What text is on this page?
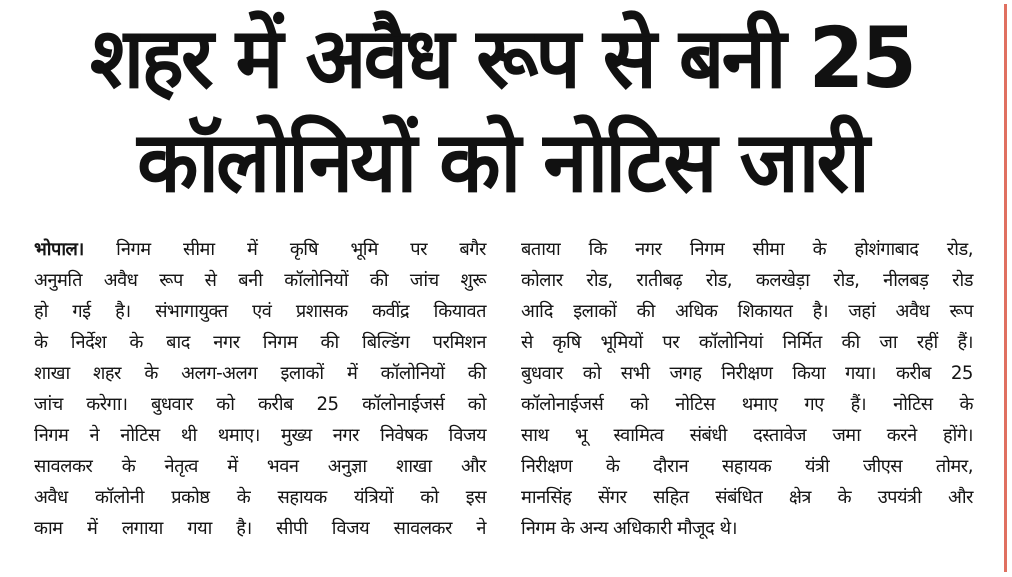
शहर में अवैध रूप से बनी 25
कॉलोनियों को नोटिस जारी
भोपाल। निगम सीमा में कृषि भूमि पर बगैर
अनुमति अवैध रूप से बनी कॉलोनियों की जांच शुरू
हो गई है। संभागायुक्त एवं प्रशासक कवींद्र कियावत
के निर्देश के बाद नगर निगम की बिल्डिंग परमिशन
शाखा शहर के अलग-अलग इलाकों में कॉलोनियों की
जांच करेगा। बुधवार को करीब 25 कॉलोनाईजर्स को
निगम ने नोटिस थी थमाए। मुख्य नगर निवेषक विजय
सावलकर के नेतृत्व में भवन अनुज्ञा शाखा और
अवैध कॉलोनी प्रकोष्ठ के सहायक यंत्रियों को इस
काम में लगाया गया है। सीपी विजय सावलकर ने
बताया कि नगर निगम सीमा के होशंगाबाद रोड,
कोलार रोड, रातीबढ़ रोड, कलखेड़ा रोड, नीलबड़ रोड
आदि इलाकों की अधिक शिकायत है। जहां अवैध रूप
से कृषि भूमियों पर कॉलोनियां निर्मित की जा रहीं हैं।
बुधवार को सभी जगह निरीक्षण किया गया। करीब 25
कॉलोनाईजर्स को नोटिस थमाए गए हैं। नोटिस के
साथ भू स्वामित्व संबंधी दस्तावेज जमा करने होंगे।
निरीक्षण के दौरान सहायक यंत्री जीएस तोमर,
मानसिंह सेंगर सहित संबंधित क्षेत्र के उपयंत्री और
निगम के अन्य अधिकारी मौजूद थे।
